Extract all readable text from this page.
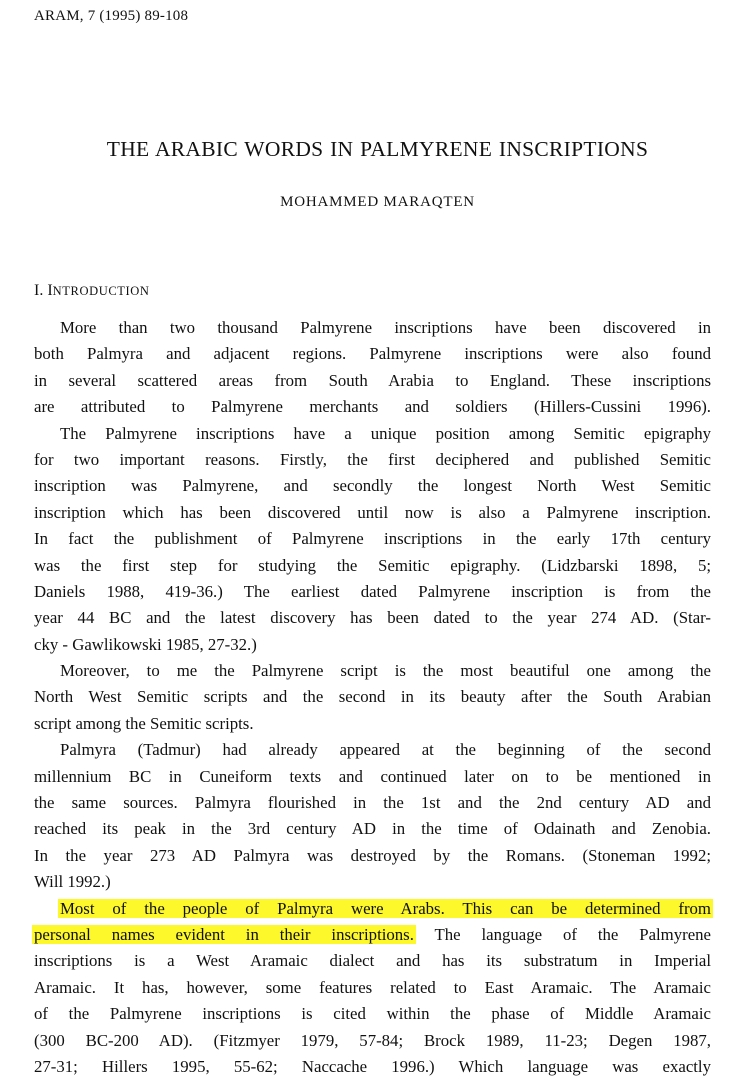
ARAM, 7 (1995) 89-108
THE ARABIC WORDS IN PALMYRENE INSCRIPTIONS
MOHAMMED MARAQTEN
I. INTRODUCTION
More than two thousand Palmyrene inscriptions have been discovered in
both Palmyra and adjacent regions. Palmyrene inscriptions were also found
in several scattered areas from South Arabia to England. These inscriptions
are attributed to Palmyrene merchants and soldiers (Hillers-Cussini 1996).
The Palmyrene inscriptions have a unique position among Semitic epigraphy
for two important reasons. Firstly, the first deciphered and published Semitic
inscription was Palmyrene, and secondly the longest North West Semitic
inscription which has been discovered until now is also a Palmyrene inscription.
In fact the publishment of Palmyrene inscriptions in the early 17th century
was the first step for studying the Semitic epigraphy. (Lidzbarski 1898, 5;
Daniels 1988, 419-36.) The earliest dated Palmyrene inscription is from the
year 44 BC and the latest discovery has been dated to the year 274 AD. (Star-
cky - Gawlikowski 1985, 27-32.)
Moreover, to me the Palmyrene script is the most beautiful one among the
North West Semitic scripts and the second in its beauty after the South Arabian
script among the Semitic scripts.
Palmyra (Tadmur) had already appeared at the beginning of the second
millennium BC in Cuneiform texts and continued later on to be mentioned in
the same sources. Palmyra flourished in the 1st and the 2nd century AD and
reached its peak in the 3rd century AD in the time of Odainath and Zenobia.
In the year 273 AD Palmyra was destroyed by the Romans. (Stoneman 1992;
Will 1992.)
Most of the people of Palmyra were Arabs. This can be determined from
personal names evident in their inscriptions. The language of the Palmyrene
inscriptions is a West Aramaic dialect and has its substratum in Imperial
Aramaic. It has, however, some features related to East Aramaic. The Aramaic
of the Palmyrene inscriptions is cited within the phase of Middle Aramaic
(300 BC-200 AD). (Fitzmyer 1979, 57-84; Brock 1989, 11-23; Degen 1987,
27-31; Hillers 1995, 55-62; Naccache 1996.) Which language was exactly
